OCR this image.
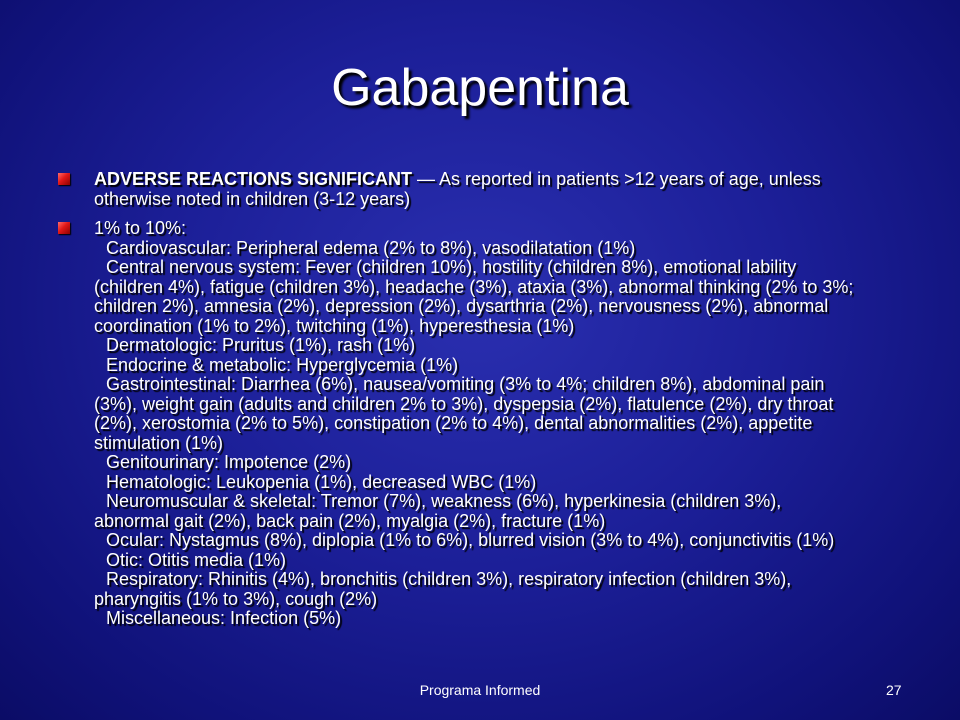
Gabapentina
ADVERSE REACTIONS SIGNIFICANT — As reported in patients >12 years of age, unless otherwise noted in children (3-12 years)
1% to 10%:
Cardiovascular: Peripheral edema (2% to 8%), vasodilatation (1%)
Central nervous system: Fever (children 10%), hostility (children 8%), emotional lability (children 4%), fatigue (children 3%), headache (3%), ataxia (3%), abnormal thinking (2% to 3%; children 2%), amnesia (2%), depression (2%), dysarthria (2%), nervousness (2%), abnormal coordination (1% to 2%), twitching (1%), hyperesthesia (1%)
Dermatologic: Pruritus (1%), rash (1%)
Endocrine & metabolic: Hyperglycemia (1%)
Gastrointestinal: Diarrhea (6%), nausea/vomiting (3% to 4%; children 8%), abdominal pain (3%), weight gain (adults and children 2% to 3%), dyspepsia (2%), flatulence (2%), dry throat (2%), xerostomia (2% to 5%), constipation (2% to 4%), dental abnormalities (2%), appetite stimulation (1%)
Genitourinary: Impotence (2%)
Hematologic: Leukopenia (1%), decreased WBC (1%)
Neuromuscular & skeletal: Tremor (7%), weakness (6%), hyperkinesia (children 3%), abnormal gait (2%), back pain (2%), myalgia (2%), fracture (1%)
Ocular: Nystagmus (8%), diplopia (1% to 6%), blurred vision (3% to 4%), conjunctivitis (1%)
Otic: Otitis media (1%)
Respiratory: Rhinitis (4%), bronchitis (children 3%), respiratory infection (children 3%), pharyngitis (1% to 3%), cough (2%)
Miscellaneous: Infection (5%)
Programa Informed	27
